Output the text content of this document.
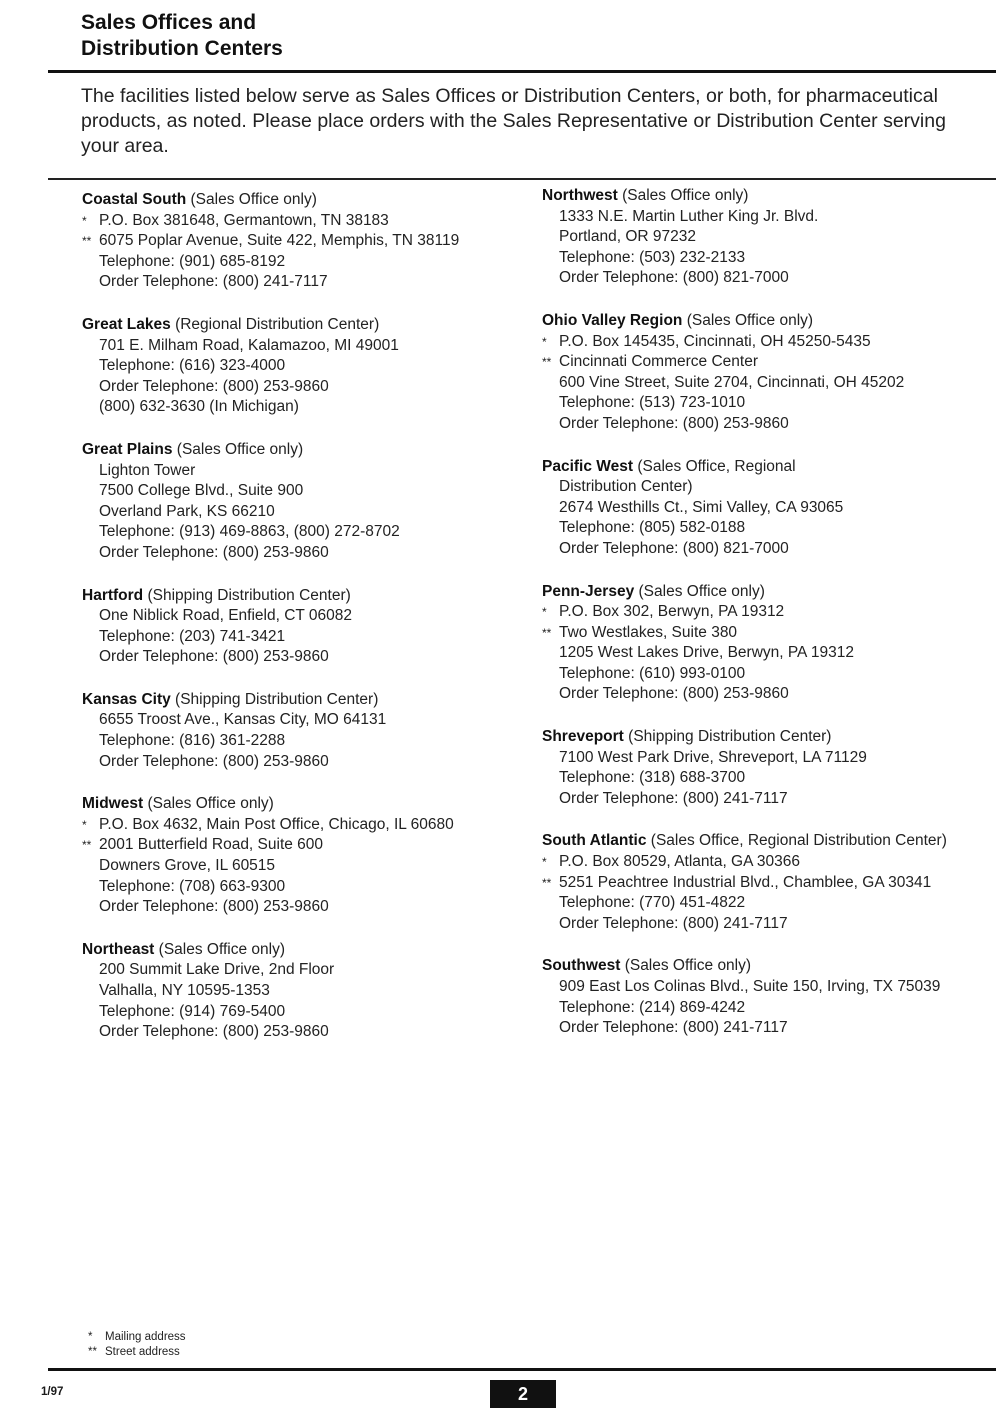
Sales Offices and
Distribution Centers
The facilities listed below serve as Sales Offices or Distribution Centers, or both, for pharmaceutical products, as noted. Please place orders with the Sales Representative or Distribution Center serving your area.
Coastal South (Sales Office only)
* P.O. Box 381648, Germantown, TN 38183
** 6075 Poplar Avenue, Suite 422, Memphis, TN 38119
Telephone: (901) 685-8192
Order Telephone: (800) 241-7117
Great Lakes (Regional Distribution Center)
701 E. Milham Road, Kalamazoo, MI 49001
Telephone: (616) 323-4000
Order Telephone: (800) 253-9860
(800) 632-3630 (In Michigan)
Great Plains (Sales Office only)
Lighton Tower
7500 College Blvd., Suite 900
Overland Park, KS 66210
Telephone: (913) 469-8863, (800) 272-8702
Order Telephone: (800) 253-9860
Hartford (Shipping Distribution Center)
One Niblick Road, Enfield, CT 06082
Telephone: (203) 741-3421
Order Telephone: (800) 253-9860
Kansas City (Shipping Distribution Center)
6655 Troost Ave., Kansas City, MO 64131
Telephone: (816) 361-2288
Order Telephone: (800) 253-9860
Midwest (Sales Office only)
* P.O. Box 4632, Main Post Office, Chicago, IL 60680
** 2001 Butterfield Road, Suite 600
Downers Grove, IL 60515
Telephone: (708) 663-9300
Order Telephone: (800) 253-9860
Northeast (Sales Office only)
200 Summit Lake Drive, 2nd Floor
Valhalla, NY 10595-1353
Telephone: (914) 769-5400
Order Telephone: (800) 253-9860
Northwest (Sales Office only)
1333 N.E. Martin Luther King Jr. Blvd.
Portland, OR 97232
Telephone: (503) 232-2133
Order Telephone: (800) 821-7000
Ohio Valley Region (Sales Office only)
* P.O. Box 145435, Cincinnati, OH 45250-5435
** Cincinnati Commerce Center
600 Vine Street, Suite 2704, Cincinnati, OH 45202
Telephone: (513) 723-1010
Order Telephone: (800) 253-9860
Pacific West (Sales Office, Regional
Distribution Center)
2674 Westhills Ct., Simi Valley, CA 93065
Telephone: (805) 582-0188
Order Telephone: (800) 821-7000
Penn-Jersey (Sales Office only)
* P.O. Box 302, Berwyn, PA 19312
** Two Westlakes, Suite 380
1205 West Lakes Drive, Berwyn, PA 19312
Telephone: (610) 993-0100
Order Telephone: (800) 253-9860
Shreveport (Shipping Distribution Center)
7100 West Park Drive, Shreveport, LA 71129
Telephone: (318) 688-3700
Order Telephone: (800) 241-7117
South Atlantic (Sales Office, Regional Distribution Center)
* P.O. Box 80529, Atlanta, GA 30366
** 5251 Peachtree Industrial Blvd., Chamblee, GA 30341
Telephone: (770) 451-4822
Order Telephone: (800) 241-7117
Southwest (Sales Office only)
909 East Los Colinas Blvd., Suite 150, Irving, TX 75039
Telephone: (214) 869-4242
Order Telephone: (800) 241-7117
* Mailing address
** Street address
1/97	2
